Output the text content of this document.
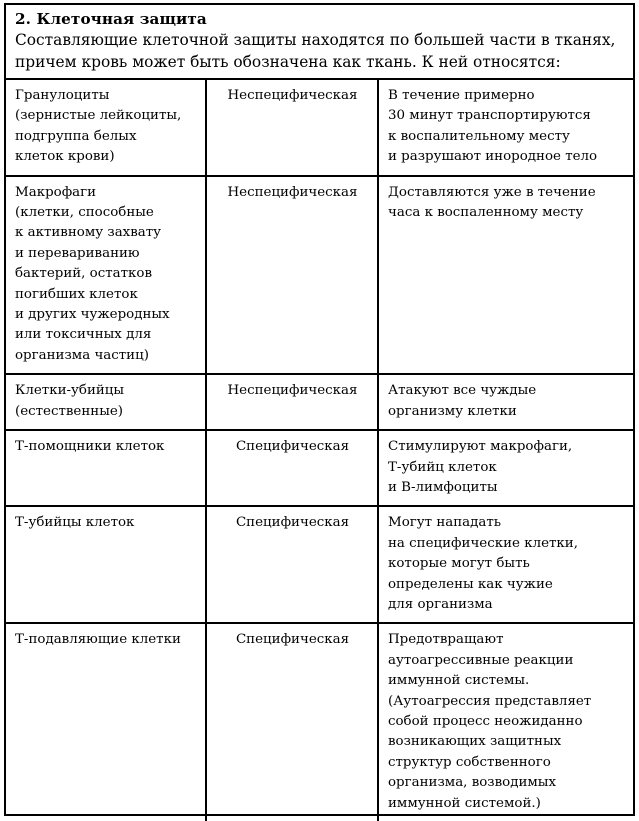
2. Клеточная защита

Составляющие клеточной защиты находятся по большей части в тканях,
причем кровь может быть обозначена как ткань. К ней относятся:

Гранулоциты
(зернистые лейкоциты,
подгруппа белых
клеток крови)	Неспецифическая	В течение примерно
30 минут транспортируются
к воспалительному месту
и разрушают инородное тело

Макрофаги
(клетки, способные
к активному захвату
и перевариванию
бактерий, остатков
погибших клеток
и других чужеродных
или токсичных для
организма частиц)
	Неспецифическая	Доставляются уже в течение
часа к воспаленному месту

Клетки-убийцы
(естественные)	Неспецифическая	Атакуют все чуждые
организму клетки

Т-помощники клеток	Специфическая	Стимулируют макрофаги,
Т-убийц клеток
и В-лимфоциты

Т-убийцы клеток	Специфическая	Могут нападать
на специфические клетки,
которые могут быть
определены как чужие
для организма

Т-подавляющие клетки	Специфическая	Предотвращают
аутоагрессивные реакции
иммунной системы.
(Аутоагрессия представляет
собой процесс неожиданно
возникающих защитных
структур собственного
организма, возводимых
иммунной системой.)
